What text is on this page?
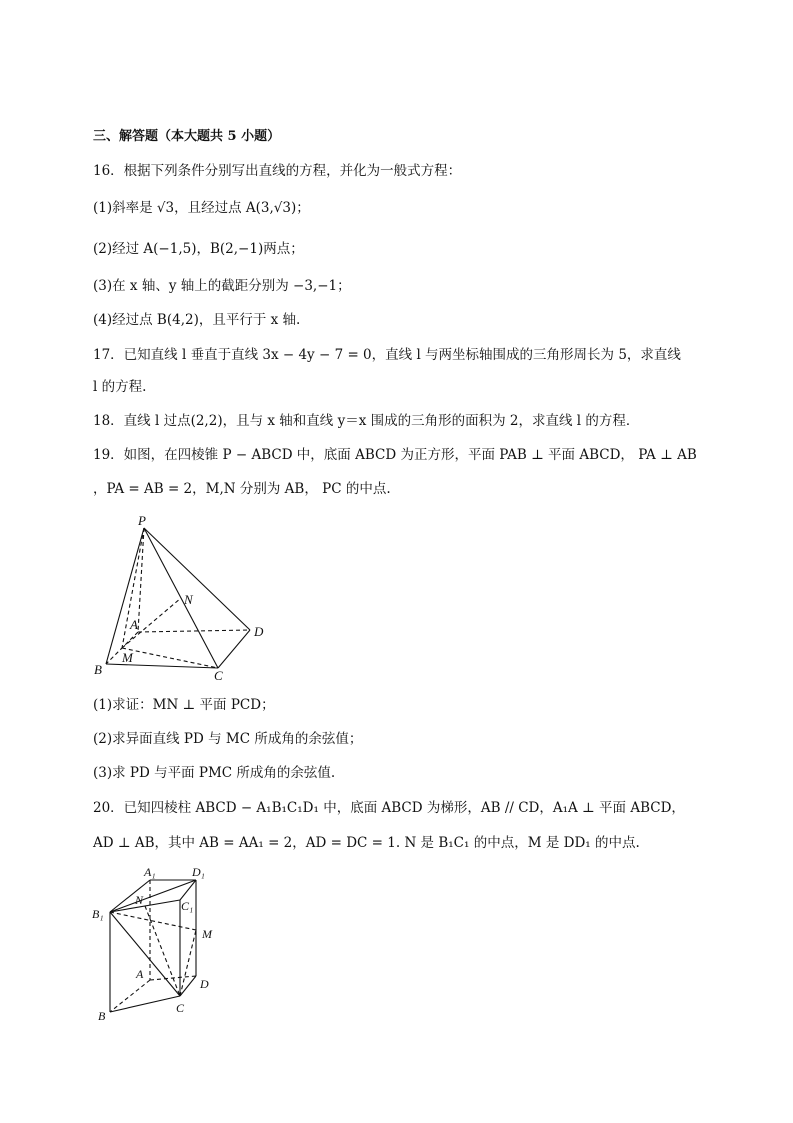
三、解答题（本大题共 5 小题）
16．根据下列条件分别写出直线的方程，并化为一般式方程：
(1)斜率是 √3，且经过点 A(3,√3)；
(2)经过 A(−1,5)，B(2,−1)两点；
(3)在 x 轴、y 轴上的截距分别为 −3,−1；
(4)经过点 B(4,2)，且平行于 x 轴.
17．已知直线 l 垂直于直线 3x − 4y − 7 = 0，直线 l 与两坐标轴围成的三角形周长为 5，求直线
l 的方程.
18．直线 l 过点(2,2)，且与 x 轴和直线 y＝x 围成的三角形的面积为 2，求直线 l 的方程．
19．如图，在四棱锥 P − ABCD 中，底面 ABCD 为正方形，平面 PAB ⊥ 平面 ABCD， PA ⊥ AB
，PA = AB = 2，M,N 分别为 AB， PC 的中点.
P
N
A	D
M
B	C
(1)求证：MN ⊥ 平面 PCD；
(2)求异面直线 PD 与 MC 所成角的余弦值；
(3)求 PD 与平面 PMC 所成角的余弦值.
20．已知四棱柱 ABCD − A₁B₁C₁D₁ 中，底面 ABCD 为梯形，AB // CD，A₁A ⊥ 平面 ABCD，
AD ⊥ AB，其中 AB = AA₁ = 2，AD = DC = 1. N 是 B₁C₁ 的中点，M 是 DD₁ 的中点.
A₁	D₁
N	C₁
B₁
M
A
D
C
B
